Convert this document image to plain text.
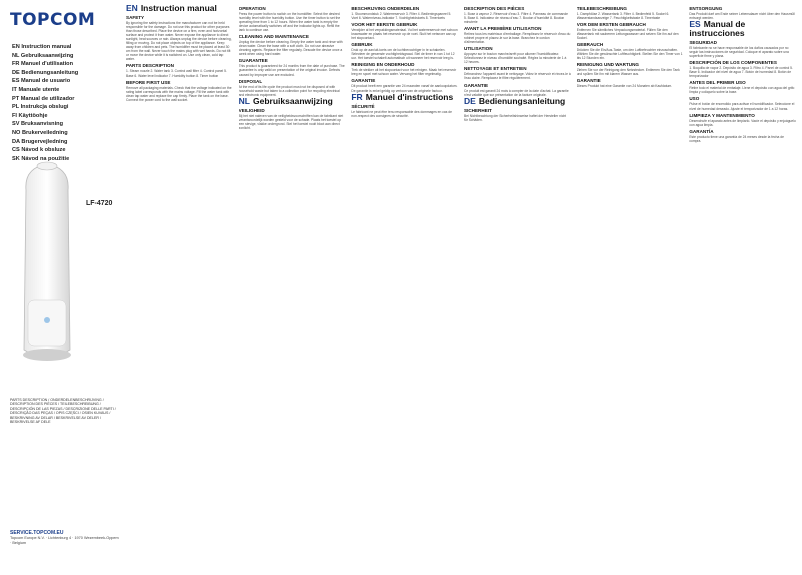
TOPCOM
EN Instruction manual
NL Gebruiksaanwijzing
FR Manuel d'utilisation
DE Bedienungsanleitung
ES Manual de usuario
IT Manuale utente
PT Manual de utilizador
PL Instrukcja obslugi
FI Käyttöohje
SV Bruksanvisning
NO Brukerveiledning
DA Brugervejledning
CS Návod k obsluze
SK Návod na použitie
LF-4720
PARTS DESCRIPTION / ONDERDELENBESCHRIJVING / DESCRIPTION DES PIÈCES / TEILEBESCHREIBUNG / DESCRIPCIÓN DE LAS PIEZAS / DESCRIZIONE DELLE PARTI / DESCRIÇÃO DAS PEÇAS / OPIS CZĘŚCI / OSIEN KUVAUS / BESKRIVNING AV DELAR / BESKRIVELSE AV DELER / BESKRIVELSE AF DELE
SERVICE.TOPCOM.EU
Topcom Europe N.V. · Lichtenburg 4 · 1970 Wezembeek-Oppem · Belgium
EN Instruction manual
SAFETY
By ignoring the safety instructions the manufacturer can not be held responsible for the damage. Do not use this product for other purposes than those described. Place the device on a firm, even and horizontal surface and protect it from water. Never expose the appliance to direct sunlight, heat sources or rain. Always unplug the device before cleaning, filling or moving. Do not place objects on top of the appliance. Keep away from children and pets. The humidifier must be placed at least 30 cm from the wall. Never touch the mains plug with wet hands. Do not tilt or move the device while it is switched on. Use only clean, cold tap water.
PARTS DESCRIPTION
1. Steam nozzle 2. Water tank 3. Control wall filter 4. Control panel 5. Base 6. Water level indicator 7. Humidity button 8. Timer button
BEFORE FIRST USE
Remove all packaging materials. Check that the voltage indicated on the rating label corresponds with the mains voltage. Fill the water tank with clean tap water and replace the cap firmly. Place the tank on the base. Connect the power cord to the wall socket.
OPERATION
Press the power button to switch on the humidifier. Select the desired humidity level with the humidity button. Use the timer button to set the operating time from 1 to 12 hours. When the water tank is empty the device automatically switches off and the indicator lights up. Refill the tank to continue use.
CLEANING AND MAINTENANCE
Unplug the device before cleaning. Empty the water tank and rinse with clean water. Clean the base with a soft cloth. Do not use abrasive cleaning agents. Replace the filter regularly. Descale the device once a week when using hard water.
GUARANTEE
This product is guaranteed for 24 months from the date of purchase. The guarantee is only valid on presentation of the original invoice. Defects caused by improper use are excluded.
DISPOSAL
At the end of its life cycle the product must not be disposed of with household waste but taken to a collection point for recycling electrical and electronic equipment.
NL Gebruiksaanwijzing
VEILIGHEID
Bij het niet naleven van de veiligheidsvoorschriften kan de fabrikant niet verantwoordelijk worden gesteld voor de schade. Plaats het toestel op een stevige, vlakke ondergrond. Stel het toestel nooit bloot aan direct zonlicht.
BESCHRIJVING ONDERDELEN
1. Stoommondstuk 2. Waterreservoir 3. Filter 4. Bedieningspaneel 5. Voet 6. Waterniveau-indicator 7. Vochtigheidstoets 8. Timertoets
VOOR HET EERSTE GEBRUIK
Verwijder al het verpakkingsmateriaal. Vul het waterreservoir met schoon kraanwater en plaats het reservoir op de voet. Sluit het netsnoer aan op het stopcontact.
GEBRUIK
Druk op de aan/uit-toets om de luchtbevochtiger in te schakelen. Selecteer de gewenste vochtigheidsgraad. Stel de timer in van 1 tot 12 uur. Het toestel schakelt automatisch uit wanneer het reservoir leeg is.
REINIGING EN ONDERHOUD
Trek de stekker uit het stopcontact voor het reinigen. Maak het reservoir leeg en spoel met schoon water. Vervang het filter regelmatig.
GARANTIE
Dit product heeft een garantie van 24 maanden vanaf de aankoopdatum. De garantie is enkel geldig op vertoon van de originele factuur.
FR Manuel d'instructions
SÉCURITÉ
Le fabricant ne peut être tenu responsable des dommages en cas de non-respect des consignes de sécurité.
DESCRIPTION DES PIÈCES
1. Buse à vapeur 2. Réservoir d'eau 3. Filtre 4. Panneau de commande 5. Base 6. Indicateur de niveau d'eau 7. Bouton d'humidité 8. Bouton minuterie
AVANT LA PREMIÈRE UTILISATION
Retirez tous les matériaux d'emballage. Remplissez le réservoir d'eau du robinet propre et placez-le sur la base. Branchez le cordon d'alimentation.
UTILISATION
Appuyez sur le bouton marche/arrêt pour allumer l'humidificateur. Sélectionnez le niveau d'humidité souhaité. Réglez la minuterie de 1 à 12 heures.
NETTOYAGE ET ENTRETIEN
Débranchez l'appareil avant le nettoyage. Videz le réservoir et rincez-le à l'eau claire. Remplacez le filtre régulièrement.
GARANTIE
Ce produit est garanti 24 mois à compter de la date d'achat. La garantie n'est valable que sur présentation de la facture originale.
DE Bedienungsanleitung
SICHERHEIT
Bei Nichtbeachtung der Sicherheitshinweise haftet der Hersteller nicht für Schäden.
TEILEBESCHREIBUNG
1. Dampfdüse 2. Wassertank 3. Filter 4. Bedienfeld 5. Sockel 6. Wasserstandsanzeige 7. Feuchtigkeitstaste 8. Timertaste
VOR DEM ERSTEN GEBRAUCH
Entfernen Sie sämtliches Verpackungsmaterial. Füllen Sie den Wassertank mit sauberem Leitungswasser und setzen Sie ihn auf den Sockel.
GEBRAUCH
Drücken Sie die Ein/Aus-Taste, um den Luftbefeuchter einzuschalten. Wählen Sie die gewünschte Luftfeuchtigkeit. Stellen Sie den Timer von 1 bis 12 Stunden ein.
REINIGUNG UND WARTUNG
Ziehen Sie vor der Reinigung den Netzstecker. Entleeren Sie den Tank und spülen Sie ihn mit klarem Wasser aus.
GARANTIE
Dieses Produkt hat eine Garantie von 24 Monaten ab Kaufdatum.
ENTSORGUNG
Das Produkt darf am Ende seiner Lebensdauer nicht über den Hausmüll entsorgt werden.
ES Manual de instrucciones
SEGURIDAD
El fabricante no se hace responsable de los daños causados por no seguir las instrucciones de seguridad. Coloque el aparato sobre una superficie firme y plana.
DESCRIPCIÓN DE LOS COMPONENTES
1. Boquilla de vapor 2. Depósito de agua 3. Filtro 4. Panel de control 5. Base 6. Indicador del nivel de agua 7. Botón de humedad 8. Botón de temporizador
ANTES DEL PRIMER USO
Retire todo el material de embalaje. Llene el depósito con agua del grifo limpia y colóquelo sobre la base.
USO
Pulse el botón de encendido para activar el humidificador. Seleccione el nivel de humedad deseado. Ajuste el temporizador de 1 a 12 horas.
LIMPIEZA Y MANTENIMIENTO
Desenchufe el aparato antes de limpiarlo. Vacíe el depósito y enjuáguelo con agua limpia.
GARANTÍA
Este producto tiene una garantía de 24 meses desde la fecha de compra.
